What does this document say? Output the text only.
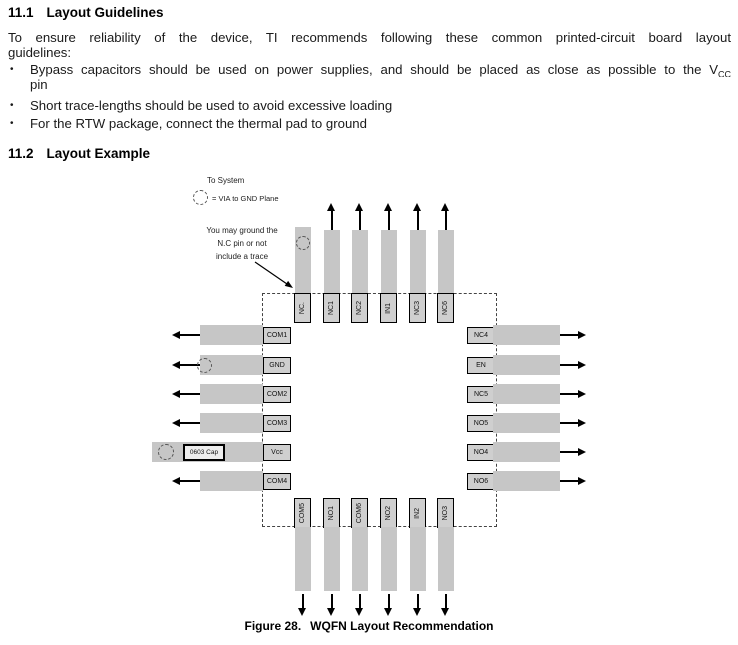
11.1 Layout Guidelines
To ensure reliability of the device, TI recommends following these common printed-circuit board layout
guidelines:
•	Bypass capacitors should be used on power supplies, and should be placed as close as possible to the $V_{CC}$
pin
•	Short trace-lengths should be used to avoid excessive loading
•	For the RTW package, connect the thermal pad to ground
11.2 Layout Example
To System
= VIA to GND Plane
You may ground the
N.C pin or not
include a trace
NC.	NC1	NC2	IN1	NC3	NC6
COM1
GND
COM2
COM3
0603 Cap	Vcc
COM4
NC4
EN
NC5
NO5
NO4
NO6
COM5	NO1	COM6	NO2	IN2	NO3
Figure 28. WQFN Layout Recommendation
